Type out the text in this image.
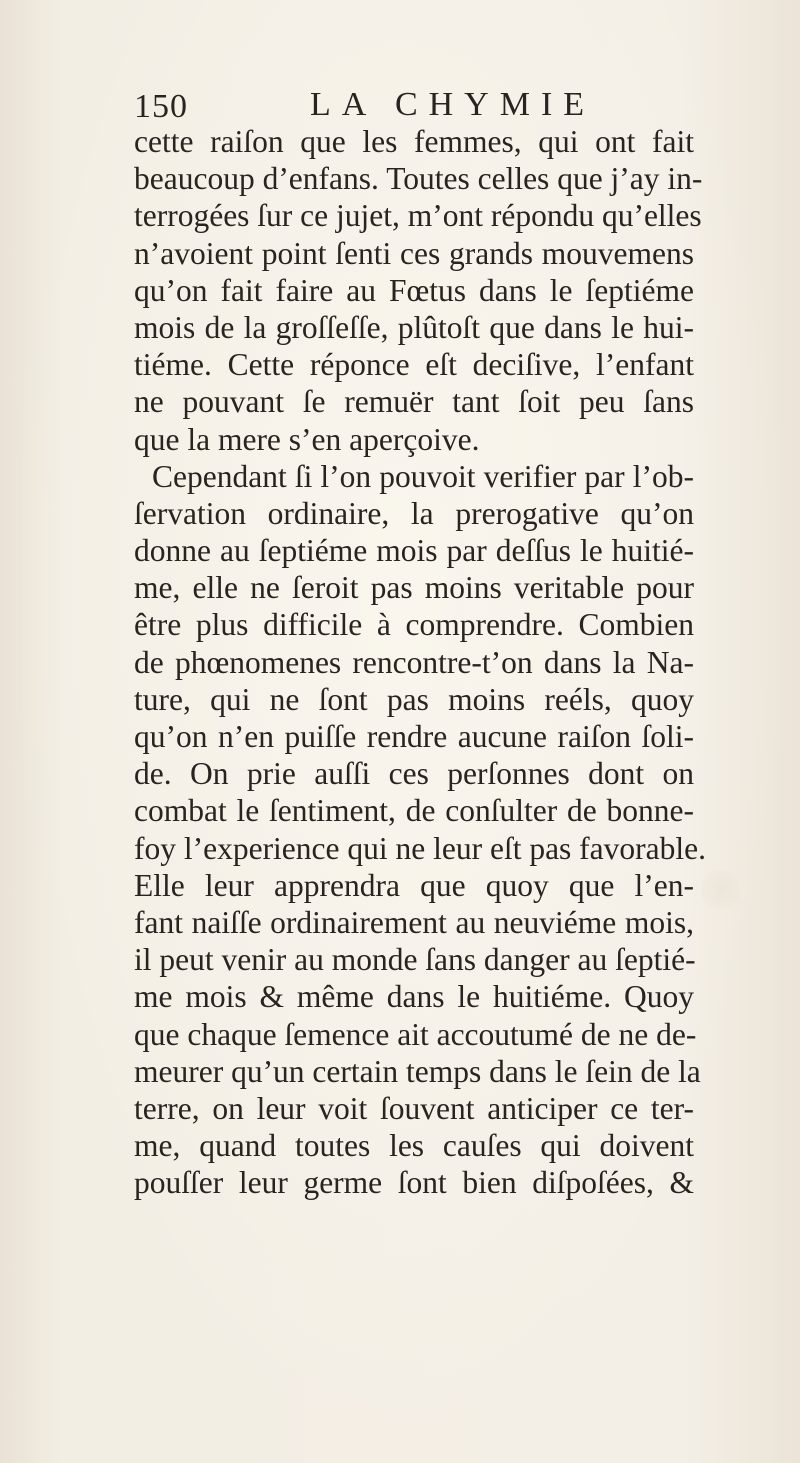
150	LA CHYMIE
cette raiſon que les femmes, qui ont fait
beaucoup d’enfans. Toutes celles que j’ay in-
terrogées ſur ce jujet, m’ont répondu qu’elles
n’avoient point ſenti ces grands mouvemens
qu’on fait faire au Fœtus dans le ſeptiéme
mois de la groſſeſſe, plûtoſt que dans le hui-
tiéme. Cette réponce eſt deciſive, l’enfant
ne pouvant ſe remuër tant ſoit peu ſans
que la mere s’en aperçoive.
Cependant ſi l’on pouvoit verifier par l’ob-
ſervation ordinaire, la prerogative qu’on
donne au ſeptiéme mois par deſſus le huitié-
me, elle ne ſeroit pas moins veritable pour
être plus difficile à comprendre. Combien
de phœnomenes rencontre-t’on dans la Na-
ture, qui ne ſont pas moins reéls, quoy
qu’on n’en puiſſe rendre aucune raiſon ſoli-
de. On prie auſſi ces perſonnes dont on
combat le ſentiment, de conſulter de bonne-
foy l’experience qui ne leur eſt pas favorable.
Elle leur apprendra que quoy que l’en-
fant naiſſe ordinairement au neuviéme mois,
il peut venir au monde ſans danger au ſeptié-
me mois & même dans le huitiéme. Quoy
que chaque ſemence ait accoutumé de ne de-
meurer qu’un certain temps dans le ſein de la
terre, on leur voit ſouvent anticiper ce ter-
me, quand toutes les cauſes qui doivent
pouſſer leur germe ſont bien diſpoſées, &
